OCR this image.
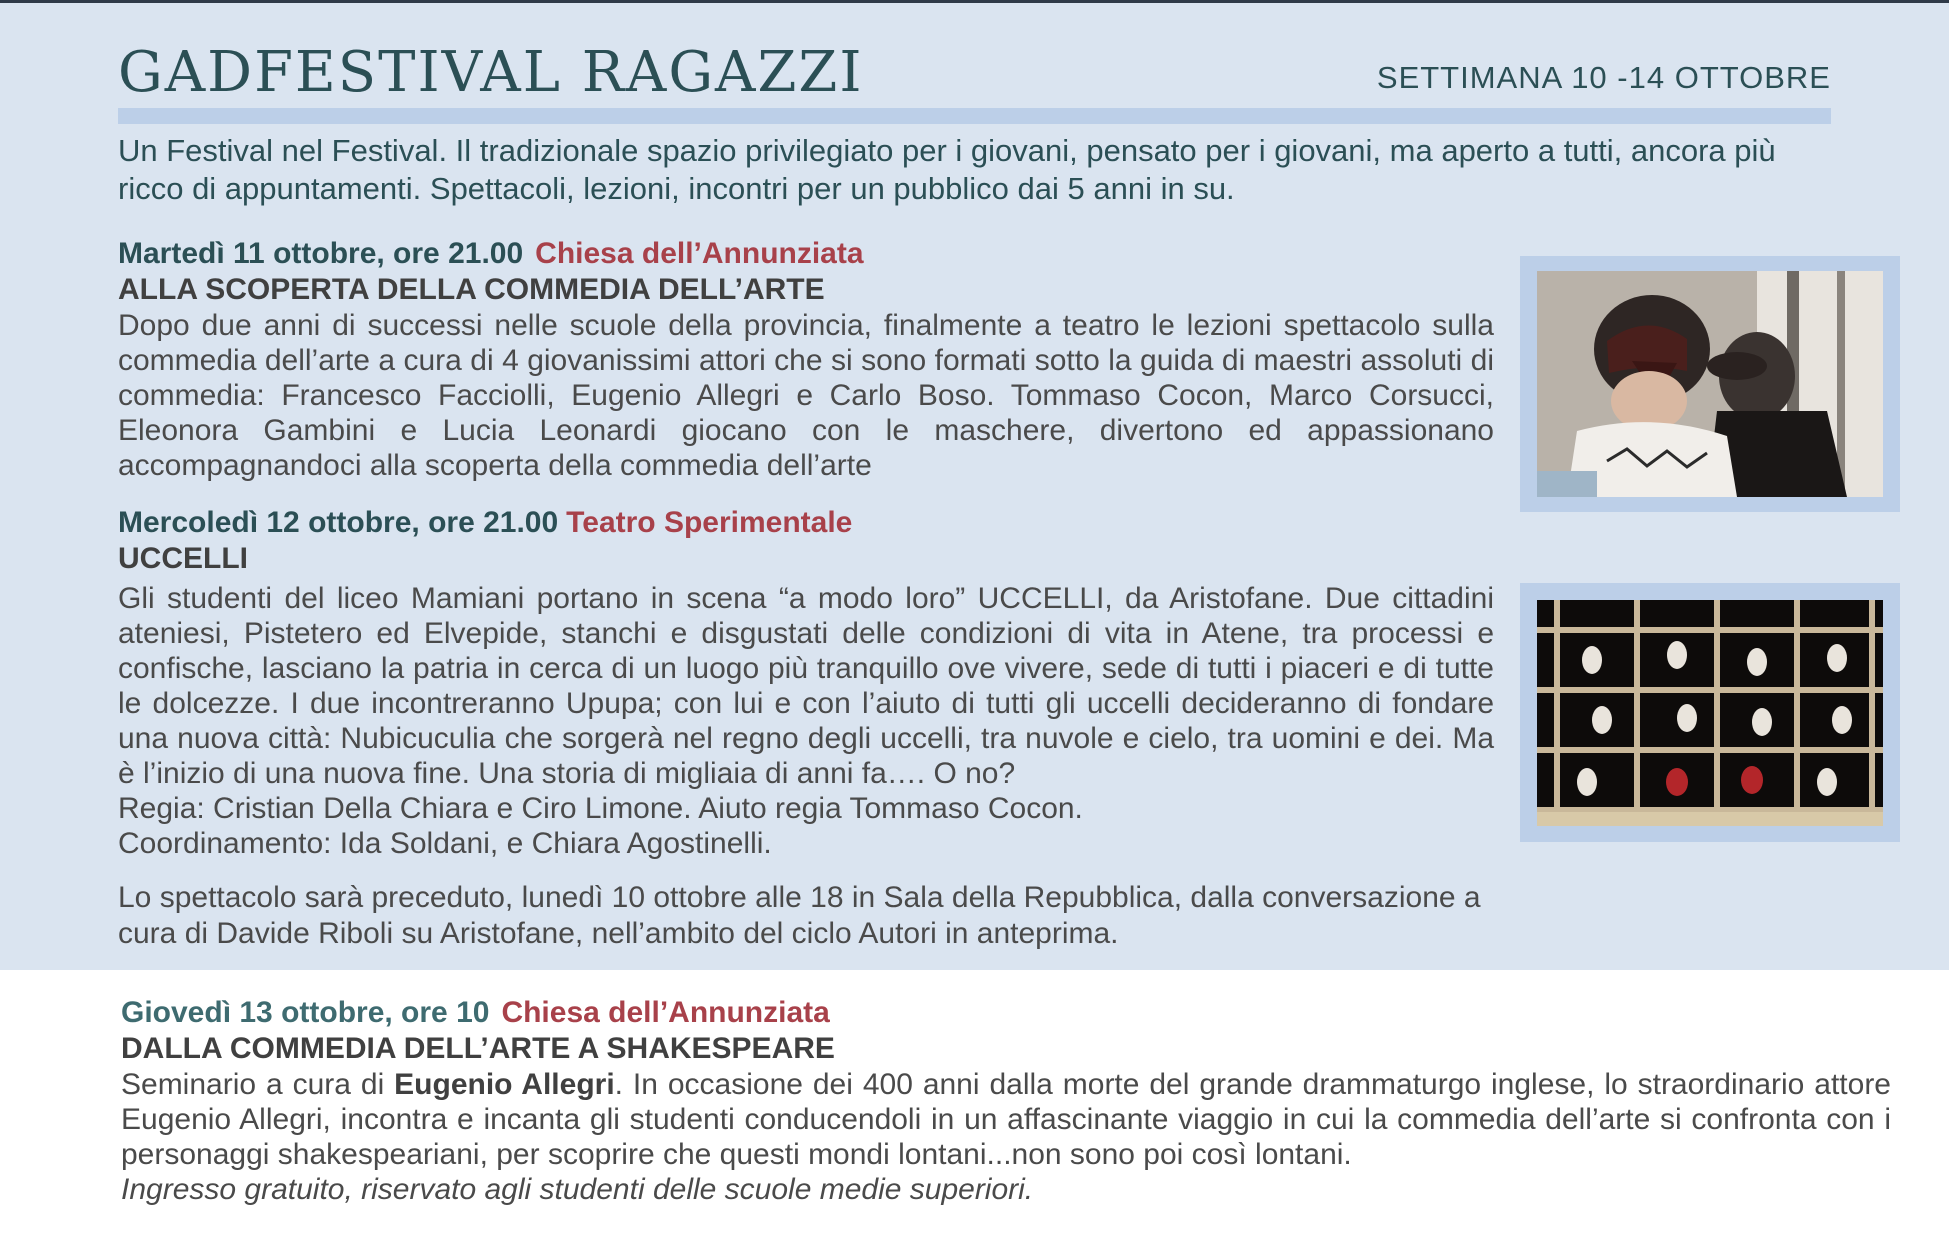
GADFESTIVAL RAGAZZI	SETTIMANA 10 -14 OTTOBRE

Un Festival nel Festival. Il tradizionale spazio privilegiato per i giovani, pensato per i giovani, ma aperto a tutti, ancora più ricco di appuntamenti. Spettacoli, lezioni, incontri per un pubblico dai 5 anni in su.

Martedì 11 ottobre, ore 21.00 Chiesa dell’Annunziata
ALLA SCOPERTA DELLA COMMEDIA DELL’ARTE

Dopo due anni di successi nelle scuole della provincia, finalmente a teatro le lezioni spettacolo sulla commedia dell’arte a cura di 4 giovanissimi attori che si sono formati sotto la guida di maestri assoluti di commedia: Francesco Facciolli, Eugenio Allegri e Carlo Boso. Tommaso Cocon, Marco Corsucci, Eleonora Gambini e Lucia Leonardi giocano con le maschere, divertono ed appassionano accompagnandoci alla scoperta della commedia dell’arte

Mercoledì 12 ottobre, ore 21.00 Teatro Sperimentale
UCCELLI

Gli studenti del liceo Mamiani portano in scena “a modo loro” UCCELLI, da Aristofane. Due cittadini ateniesi, Pistetero ed Elvepide, stanchi e disgustati delle condizioni di vita in Atene, tra processi e confische, lasciano la patria in cerca di un luogo più tranquillo ove vivere, sede di tutti i piaceri e di tutte le dolcezze. I due incontreranno Upupa; con lui e con l’aiuto di tutti gli uccelli decideranno di fondare una nuova città: Nubicuculia che sorgerà nel regno degli uccelli, tra nuvole e cielo, tra uomini e dei. Ma è l’inizio di una nuova fine. Una storia di migliaia di anni fa…. O no?

Regia: Cristian Della Chiara e Ciro Limone. Aiuto regia Tommaso Cocon.
Coordinamento: Ida Soldani, e Chiara Agostinelli.

Lo spettacolo sarà preceduto, lunedì 10 ottobre alle 18 in Sala della Repubblica, dalla conversazione a cura di Davide Riboli su Aristofane, nell’ambito del ciclo Autori in anteprima.

Giovedì 13 ottobre, ore 10 Chiesa dell’Annunziata
DALLA COMMEDIA DELL’ARTE A SHAKESPEARE

Seminario a cura di Eugenio Allegri. In occasione dei 400 anni dalla morte del grande drammaturgo inglese, lo straordinario attore Eugenio Allegri, incontra e incanta gli studenti conducendoli in un affascinante viaggio in cui la commedia dell’arte si confronta con i personaggi shakespeariani, per scoprire che questi mondi lontani...non sono poi così lontani.

Ingresso gratuito, riservato agli studenti delle scuole medie superiori.
